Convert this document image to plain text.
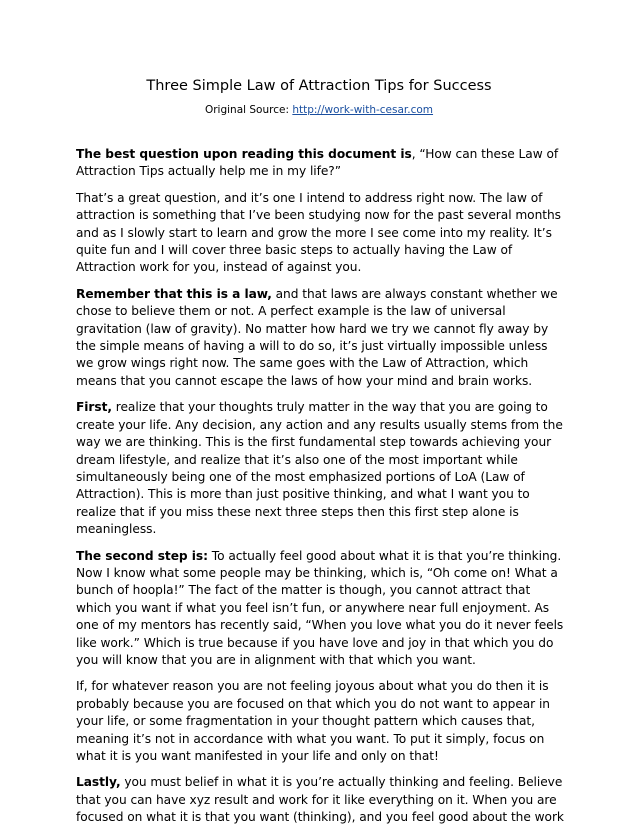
Three Simple Law of Attraction Tips for Success
Original Source: http://work-with-cesar.com

The best question upon reading this document is, “How can these Law of Attraction Tips actually help me in my life?”

That’s a great question, and it’s one I intend to address right now. The law of attraction is something that I’ve been studying now for the past several months and as I slowly start to learn and grow the more I see come into my reality. It’s quite fun and I will cover three basic steps to actually having the Law of Attraction work for you, instead of against you.

Remember that this is a law, and that laws are always constant whether we chose to believe them or not. A perfect example is the law of universal gravitation (law of gravity). No matter how hard we try we cannot fly away by the simple means of having a will to do so, it’s just virtually impossible unless we grow wings right now. The same goes with the Law of Attraction, which means that you cannot escape the laws of how your mind and brain works.

First, realize that your thoughts truly matter in the way that you are going to create your life. Any decision, any action and any results usually stems from the way we are thinking. This is the first fundamental step towards achieving your dream lifestyle, and realize that it’s also one of the most important while simultaneously being one of the most emphasized portions of LoA (Law of Attraction). This is more than just positive thinking, and what I want you to realize that if you miss these next three steps then this first step alone is meaningless.

The second step is: To actually feel good about what it is that you’re thinking. Now I know what some people may be thinking, which is, “Oh come on! What a bunch of hoopla!” The fact of the matter is though, you cannot attract that which you want if what you feel isn’t fun, or anywhere near full enjoyment. As one of my mentors has recently said, “When you love what you do it never feels like work.” Which is true because if you have love and joy in that which you do you will know that you are in alignment with that which you want.

If, for whatever reason you are not feeling joyous about what you do then it is probably because you are focused on that which you do not want to appear in your life, or some fragmentation in your thought pattern which causes that, meaning it’s not in accordance with what you want. To put it simply, focus on what it is you want manifested in your life and only on that!

Lastly, you must belief in what it is you’re actually thinking and feeling. Believe that you can have xyz result and work for it like everything on it. When you are focused on what it is that you want (thinking), and you feel good about the work
